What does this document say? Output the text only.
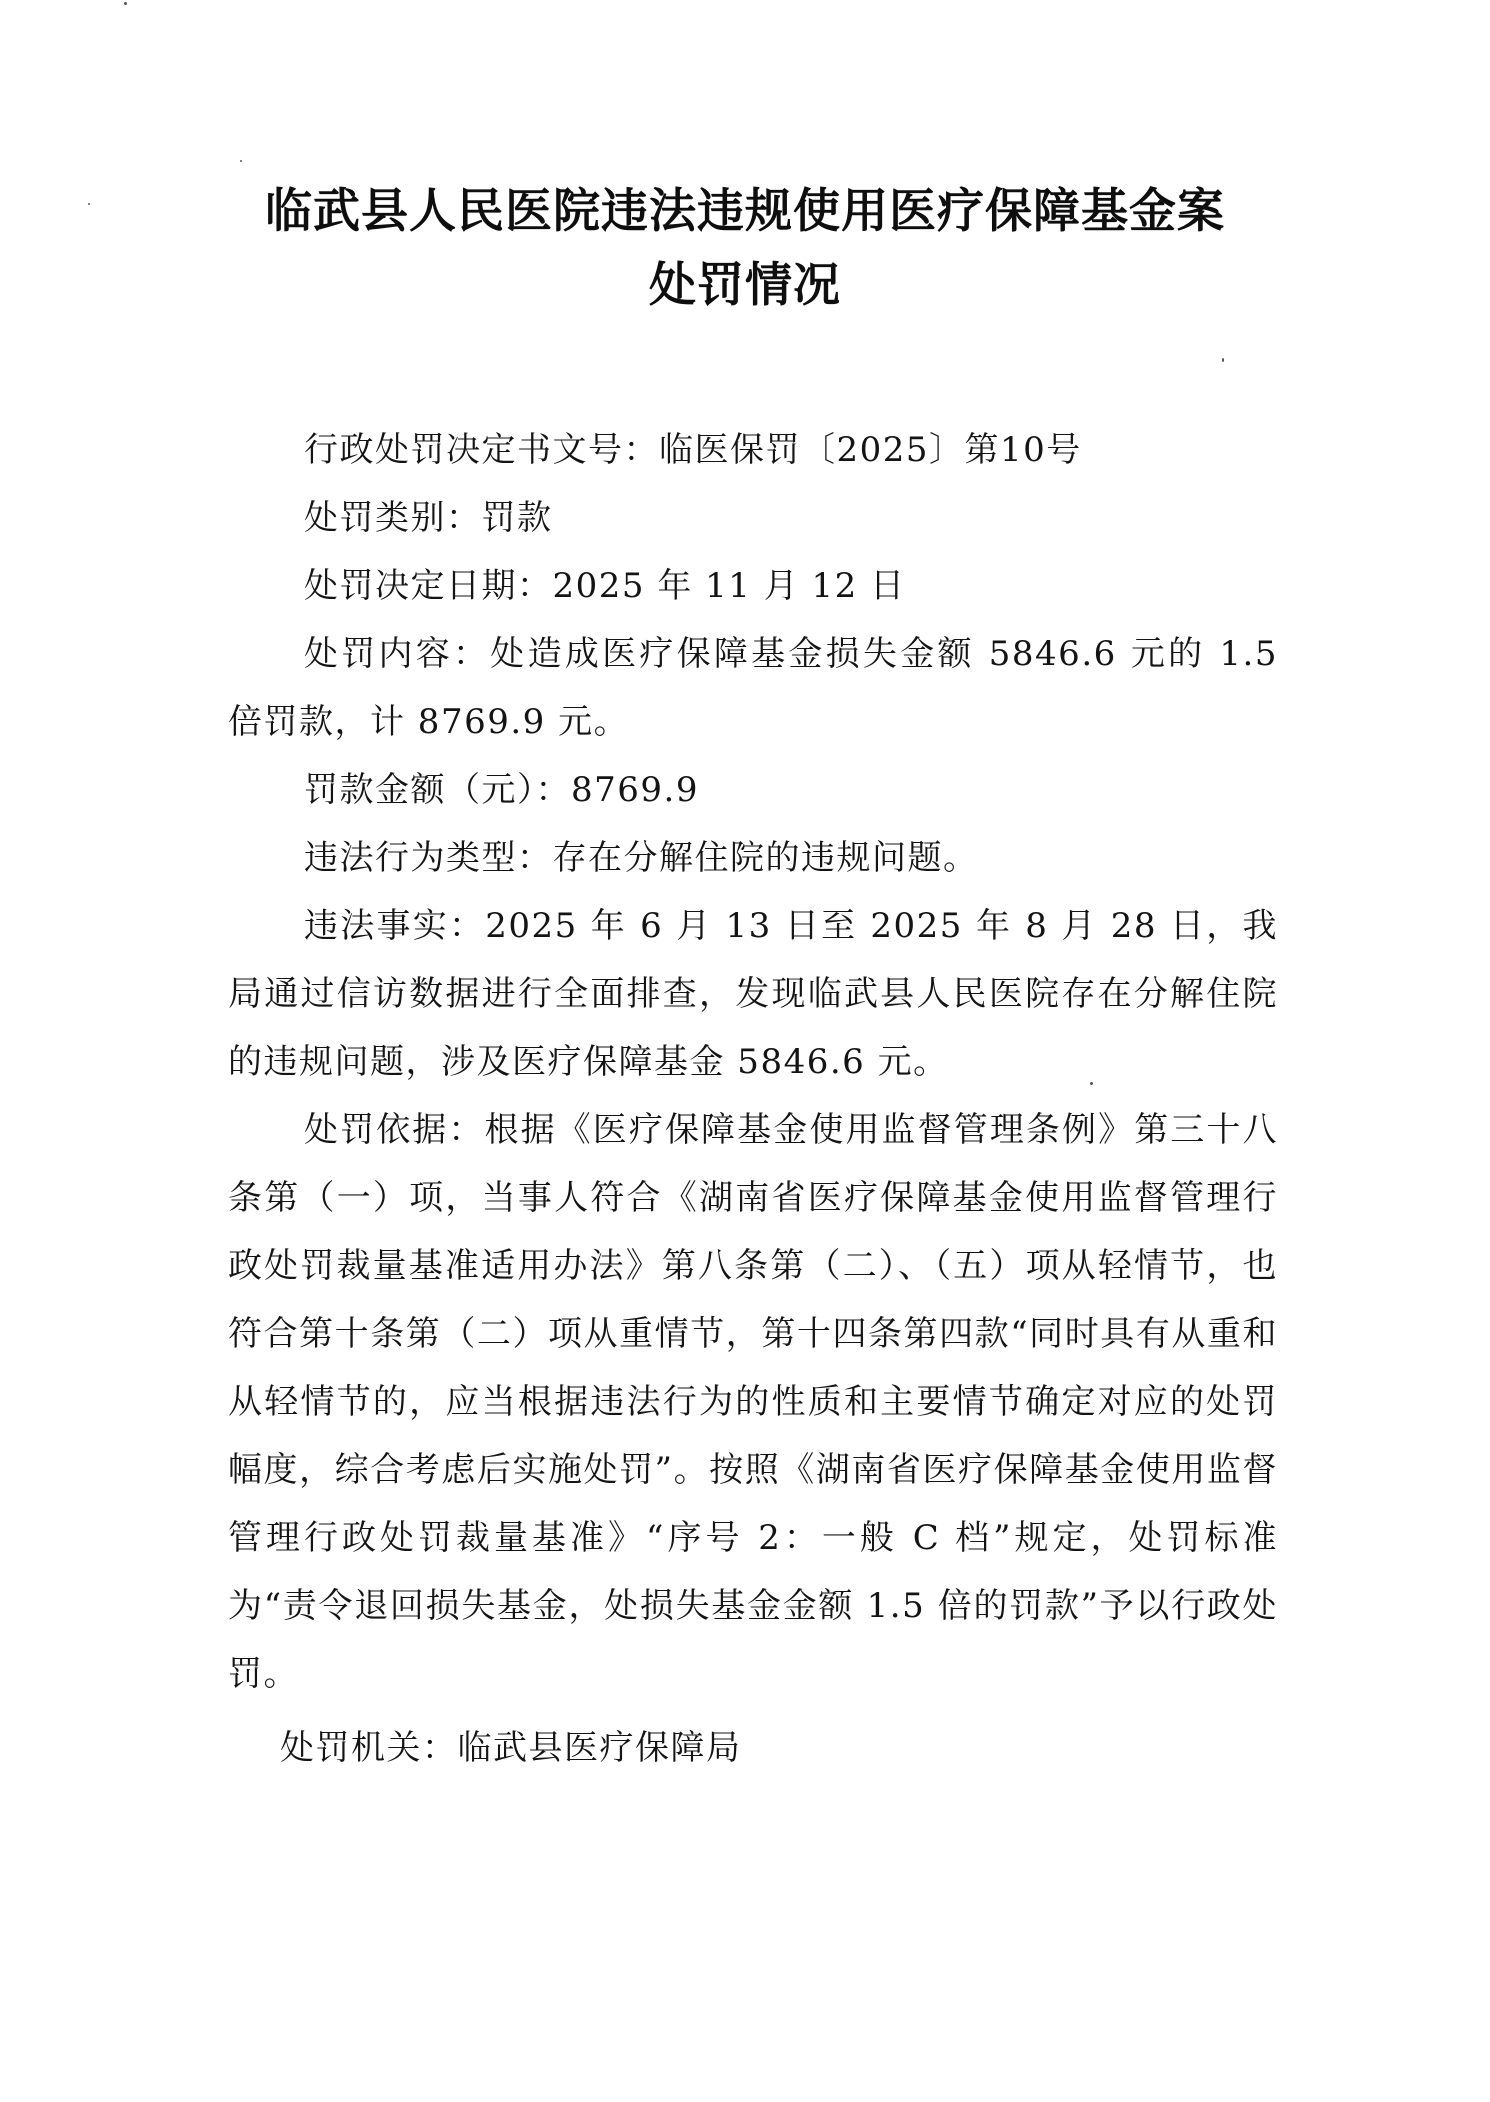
临武县人民医院违法违规使用医疗保障基金案
处罚情况

行政处罚决定书文号：临医保罚〔2025〕第10号

处罚类别：罚款

处罚决定日期：2025 年 11 月 12 日

处罚内容：处造成医疗保障基金损失金额 5846.6 元的 1.5 倍罚款，计 8769.9 元。

罚款金额（元）：8769.9

违法行为类型：存在分解住院的违规问题。

违法事实：2025 年 6 月 13 日至 2025 年 8 月 28 日，我局通过信访数据进行全面排查，发现临武县人民医院存在分解住院的违规问题，涉及医疗保障基金 5846.6 元。

处罚依据：根据《医疗保障基金使用监督管理条例》第三十八条第（一）项，当事人符合《湖南省医疗保障基金使用监督管理行政处罚裁量基准适用办法》第八条第（二）、（五）项从轻情节，也符合第十条第（二）项从重情节，第十四条第四款“同时具有从重和从轻情节的，应当根据违法行为的性质和主要情节确定对应的处罚幅度，综合考虑后实施处罚”。按照《湖南省医疗保障基金使用监督管理行政处罚裁量基准》“序号 2：一般 C 档”规定，处罚标准为“责令退回损失基金，处损失基金金额 1.5 倍的罚款”予以行政处罚。

处罚机关：临武县医疗保障局
